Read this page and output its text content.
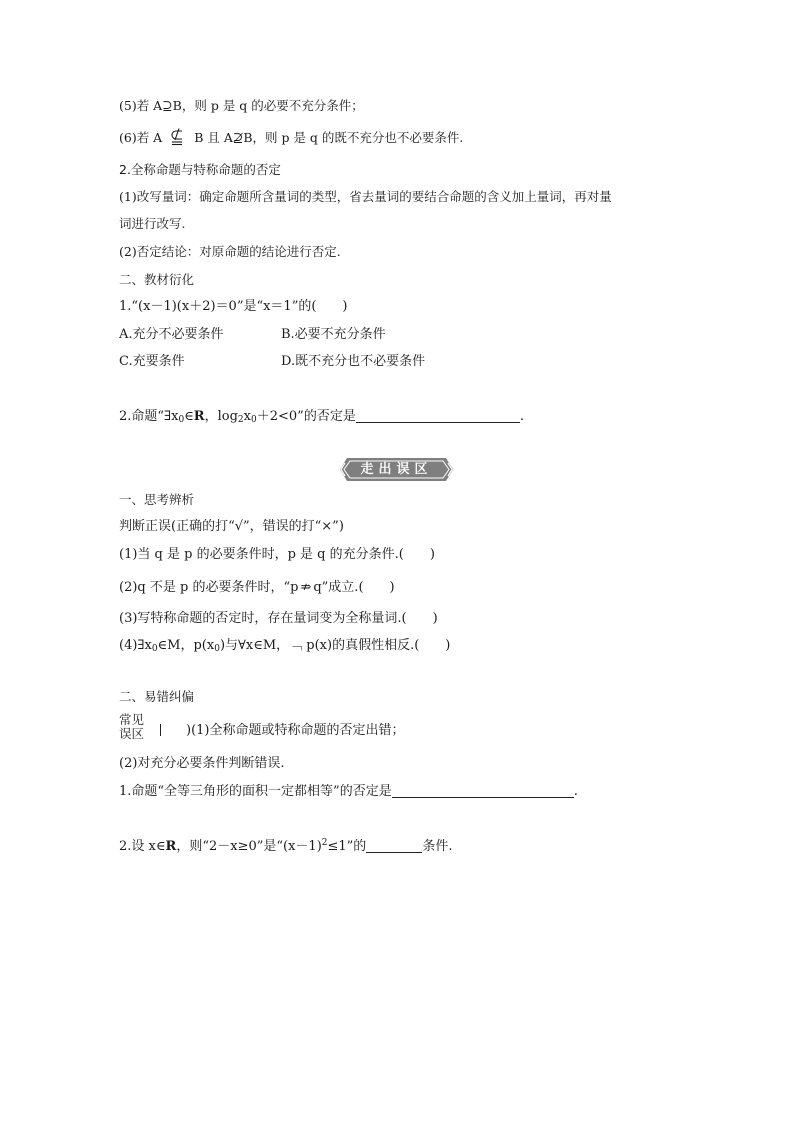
(5)若 A⊇B，则 p 是 q 的必要不充分条件；
(6)若 A	B 且 A⊉B，则 p 是 q 的既不充分也不必要条件.
2.全称命题与特称命题的否定
(1)改写量词：确定命题所含量词的类型，省去量词的要结合命题的含义加上量词，再对量
词进行改写.
(2)否定结论：对原命题的结论进行否定.
二、教材衍化
1.“(x－1)(x＋2)＝0”是“x＝1”的(　　)
A.充分不必要条件	B.必要不充分条件
C.充要条件	D.既不充分也不必要条件
2.命题“$\exists x_0\in R$，$\log_2x_0+2<0$”的否定是	.
走出误区
一、思考辨析
判断正误(正确的打“√”，错误的打“×”)
(1)当 q 是 p 的必要条件时，p 是 q 的充分条件.(　　)
(2)q 不是 p 的必要条件时，“p ⇏ q”成立.(　　)
(3)写特称命题的否定时，存在量词变为全称量词.(　　)
$(4)\exists x_0\in M$，$p(x_0)$与∀x∈M，﹁ p(x)的真假性相反.(　　)
二、易错纠偏
常见
误区	)(1)全称命题或特称命题的否定出错；
(2)对充分必要条件判断错误.
1.命题“全等三角形的面积一定都相等”的否定是	.
2.设 x∈R，则“2－x≥0”是“$(x-1)^2\le 1$”的	条件.
